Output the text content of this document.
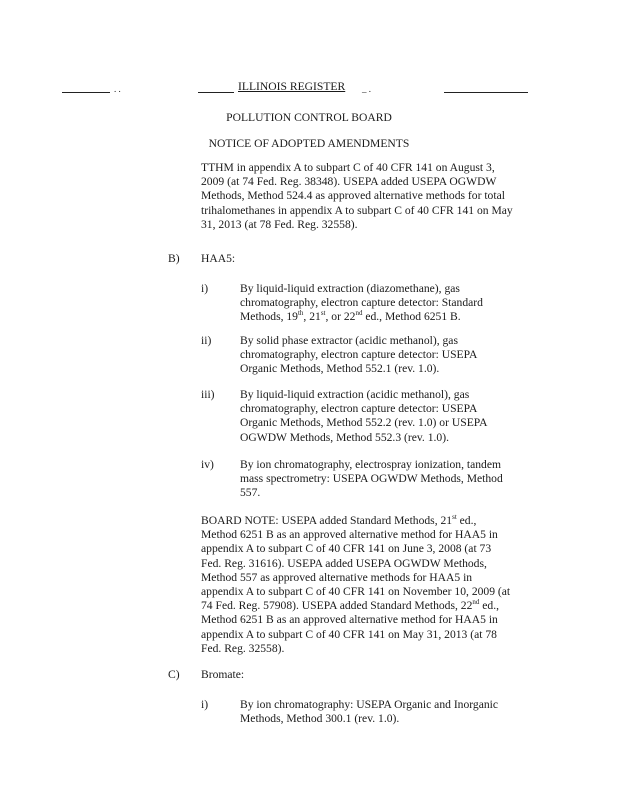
. .	ILLINOIS REGISTER _ .
POLLUTION CONTROL BOARD
NOTICE OF ADOPTED AMENDMENTS
TTHM in appendix A to subpart C of 40 CFR 141 on August 3,
2009 (at 74 Fed. Reg. 38348). USEPA added USEPA OGWDW
Methods, Method 524.4 as approved alternative methods for total
trihalomethanes in appendix A to subpart C of 40 CFR 141 on May
31, 2013 (at 78 Fed. Reg. 32558).
B) HAA5:
i)	By liquid-liquid extraction (diazomethane), gas
chromatography, electron capture detector: Standard
Methods, 19th, 21st, or 22nd ed., Method 6251 B.
ii) By solid phase extractor (acidic methanol), gas
chromatography, electron capture detector: USEPA
Organic Methods, Method 552.1 (rev. 1.0).
iii) By liquid-liquid extraction (acidic methanol), gas
chromatography, electron capture detector: USEPA
Organic Methods, Method 552.2 (rev. 1.0) or USEPA
OGWDW Methods, Method 552.3 (rev. 1.0).
iv) By ion chromatography, electrospray ionization, tandem
mass spectrometry: USEPA OGWDW Methods, Method
557.
BOARD NOTE: USEPA added Standard Methods, 21st ed.,
Method 6251 B as an approved alternative method for HAA5 in
appendix A to subpart C of 40 CFR 141 on June 3, 2008 (at 73
Fed. Reg. 31616). USEPA added USEPA OGWDW Methods,
Method 557 as approved alternative methods for HAA5 in
appendix A to subpart C of 40 CFR 141 on November 10, 2009 (at
74 Fed. Reg. 57908). USEPA added Standard Methods, 22nd ed.,
Method 6251 B as an approved alternative method for HAA5 in
appendix A to subpart C of 40 CFR 141 on May 31, 2013 (at 78
Fed. Reg. 32558).
C) Bromate:
i)	By ion chromatography: USEPA Organic and Inorganic
Methods, Method 300.1 (rev. 1.0).
